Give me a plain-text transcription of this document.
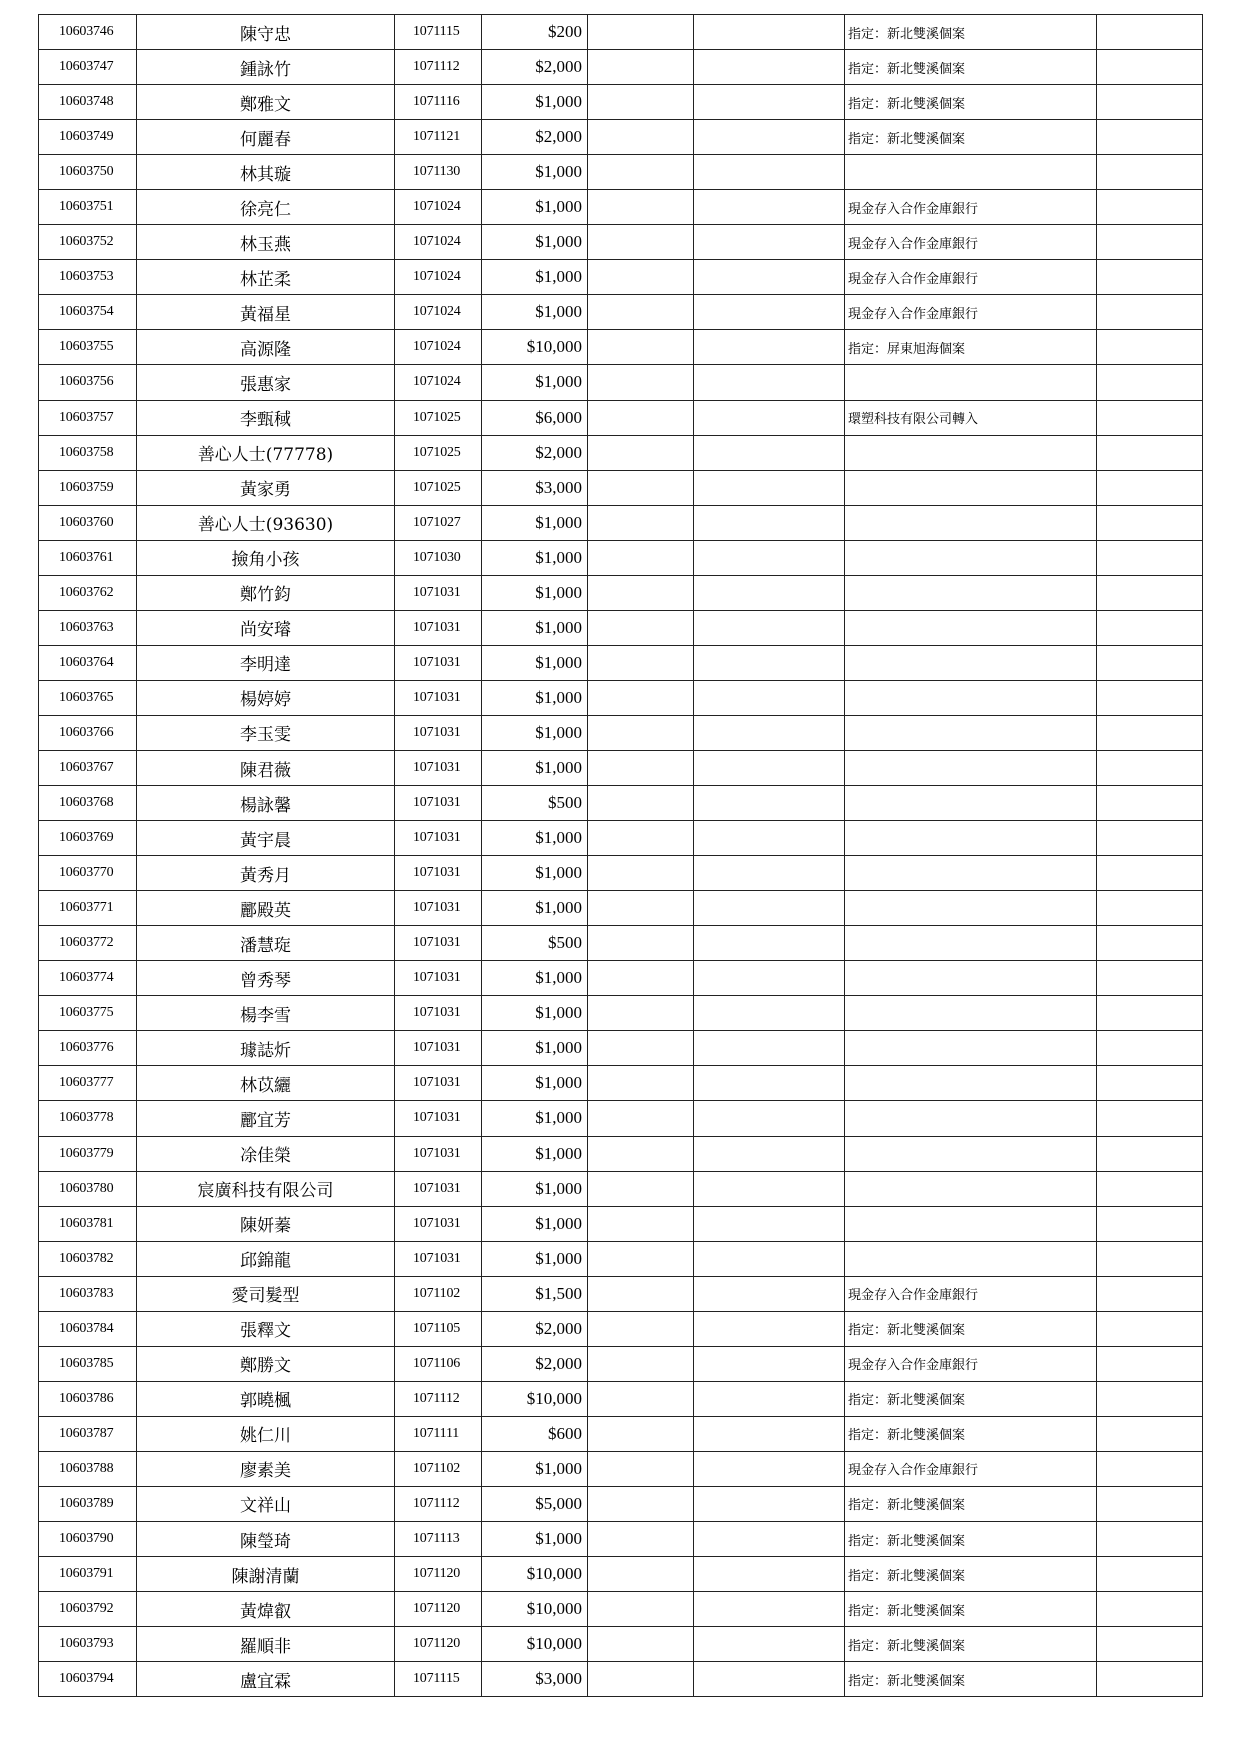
10603746	陳守忠	1071115	$200			指定：新北雙溪個案	
10603747	鍾詠竹	1071112	$2,000			指定：新北雙溪個案	
10603748	鄭雅文	1071116	$1,000			指定：新北雙溪個案	
10603749	何麗春	1071121	$2,000			指定：新北雙溪個案	
10603750	林其璇	1071130	$1,000				
10603751	徐亮仁	1071024	$1,000			現金存入合作金庫銀行	
10603752	林玉燕	1071024	$1,000			現金存入合作金庫銀行	
10603753	林芷柔	1071024	$1,000			現金存入合作金庫銀行	
10603754	黃福星	1071024	$1,000			現金存入合作金庫銀行	
10603755	高源隆	1071024	$10,000			指定：屏東旭海個案	
10603756	張惠家	1071024	$1,000				
10603757	李甄稢	1071025	$6,000			環塑科技有限公司轉入	
10603758	善心人士(77778)	1071025	$2,000				
10603759	黃家勇	1071025	$3,000				
10603760	善心人士(93630)	1071027	$1,000				
10603761	撿角小孩	1071030	$1,000				
10603762	鄭竹鈞	1071031	$1,000				
10603763	尚安璿	1071031	$1,000				
10603764	李明達	1071031	$1,000				
10603765	楊婷婷	1071031	$1,000				
10603766	李玉雯	1071031	$1,000				
10603767	陳君薇	1071031	$1,000				
10603768	楊詠馨	1071031	$500				
10603769	黃宇晨	1071031	$1,000				
10603770	黃秀月	1071031	$1,000				
10603771	酈殿英	1071031	$1,000				
10603772	潘慧琁	1071031	$500				
10603774	曾秀琴	1071031	$1,000				
10603775	楊李雪	1071031	$1,000				
10603776	璩誌炘	1071031	$1,000				
10603777	林苡纚	1071031	$1,000				
10603778	酈宜芳	1071031	$1,000				
10603779	凃佳榮	1071031	$1,000				
10603780	宸廣科技有限公司	1071031	$1,000				
10603781	陳妍蓁	1071031	$1,000				
10603782	邱錦龍	1071031	$1,000				
10603783	愛司髮型	1071102	$1,500			現金存入合作金庫銀行	
10603784	張釋文	1071105	$2,000			指定：新北雙溪個案	
10603785	鄭勝文	1071106	$2,000			現金存入合作金庫銀行	
10603786	郭曉楓	1071112	$10,000			指定：新北雙溪個案	
10603787	姚仁川	1071111	$600			指定：新北雙溪個案	
10603788	廖素美	1071102	$1,000			現金存入合作金庫銀行	
10603789	文祥山	1071112	$5,000			指定：新北雙溪個案	
10603790	陳瑩琦	1071113	$1,000			指定：新北雙溪個案	
10603791	陳謝清蘭	1071120	$10,000			指定：新北雙溪個案	
10603792	黃煒叡	1071120	$10,000			指定：新北雙溪個案	
10603793	羅順非	1071120	$10,000			指定：新北雙溪個案	
10603794	盧宜霖	1071115	$3,000			指定：新北雙溪個案	
